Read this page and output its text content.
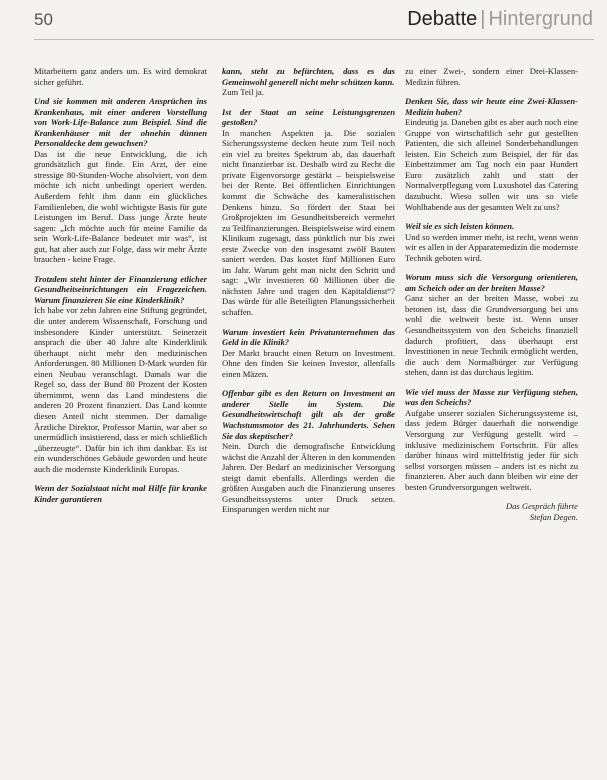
50	Debatte | Hintergrund

Mitarbeitern ganz anders um. Es wird demokrat sicher geführt.

Und sie kommen mit anderen Ansprüchen ins Krankenhaus, mit einer anderen Vorstellung von Work-Life-Balance zum Beispiel. Sind die Krankenhäuser mit der ohnehin dünnen Personaldecke dem gewachsen?

Das ist die neue Entwicklung, die ich grundsätzlich gut finde. Ein Arzt, der eine stressige 80-Stunden-Woche absolviert, von dem möchte ich nicht unbedingt operiert werden. Außerdem fehlt ihm dann ein glückliches Familienleben, die wohl wichtigste Basis für gute Leistungen im Beruf. Dass junge Ärzte heute sagen: „Ich möchte auch für meine Familie da sein Work-Life-Balance bedeutet mir was“, ist gut, hat aber auch zur Folge, dass wir mehr Ärzte brauchen - keine Frage.

Trotzdem steht hinter der Finanzierung etlicher Gesundheitseinrichtungen ein Fragezeichen. Warum finanzieren Sie eine Kinderklinik?

Ich habe vor zehn Jahren eine Stiftung gegründet, die unter anderem Wissenschaft, Forschung und insbesondere Kinder unterstützt. Seinerzeit ansprach die über 40 Jahre alte Kinderklinik überhaupt nicht mehr den medizinischen Anforderungen. 80 Millionen D-Mark wurden für einen Neubau veranschlagt. Damals war die Regel so, dass der Bund 80 Prozent der Kosten übernimmt, wenn das Land mindestens die anderen 20 Prozent finanziert. Das Land konnte diesen Anteil nicht stemmen. Der damalige Ärztliche Direktor, Professor Martin, war aber so unermüdlich insistierend, dass er mich schließlich „überzeugte“. Dafür bin ich ihm dankbar. Es ist ein wunderschönes Gebäude geworden und heute auch die modernste Kinderklinik Europas.

Wenn der Sozialstaat nicht mal Hilfe für kranke Kinder garantieren

kann, steht zu befürchten, dass es das Gemeinwohl generell nicht mehr schützen kann.

Zum Teil ja.

Ist der Staat an seine Leistungsgrenzen gestoßen?

In manchen Aspekten ja. Die sozialen Sicherungssysteme decken heute zum Teil noch ein viel zu breites Spektrum ab, das dauerhaft nicht finanzierbar ist. Deshalb wird zu Recht die private Eigenvorsorge gestärkt – beispielsweise bei der Rente. Bei öffentlichen Einrichtungen kommt die Schwäche des kameralistischen Denkens hinzu. So fördert der Staat bei Großprojekten im Gesundheitsbereich vermehrt zu Teilfinanzierungen. Beispielsweise wird einem Klinikum zugesagt, dass pünktlich nur bis zwei erste Zwecke von den insgesamt zwölf Bauten saniert werden. Das kostet fünf Millionen Euro im Jahr. Warum geht man nicht den Schritt und sagt: „Wir investieren 60 Millionen über die nächsten Jahre und tragen den Kapitaldienst“? Das würde für alle Beteiligten Planungssicherheit schaffen.

Warum investiert kein Privatunternehmen das Geld in die Klinik?

Der Markt braucht einen Return on Investment. Ohne den finden Sie keinen Investor, allenfalls einen Mäzen.

Offenbar gibt es den Return on Investment an anderer Stelle im System. Die Gesundheitswirtschaft gilt als der große Wachstumsmotor des 21. Jahrhunderts. Sehen Sie das skeptischer?

Nein. Durch die demografische Entwicklung wächst die Anzahl der Älteren in den kommenden Jahren. Der Bedarf an medizinischer Versorgung steigt damit ebenfalls. Allerdings werden die größten Ausgaben auch die Finanzierung unseres Gesundheitssystems unter Druck setzen. Einsparungen werden nicht nur

zu einer Zwei-, sondern einer Drei-Klassen-Medizin führen.

Denken Sie, dass wir heute eine Zwei-Klassen-Medizin haben?

Eindeutig ja. Daneben gibt es aber auch noch eine Gruppe von wirtschaftlich sehr gut gestellten Patienten, die sich alleinel Sonderbehandlungen leisten. Ein Scheich zum Beispiel, der für das Einbettzimmer am Tag noch ein paar Hundert Euro zusätzlich zahlt und statt der Normalverpflegung vom Luxushotel das Catering dazubucht. Wieso sollen wir uns so viele Wohlhabende aus der gesamten Welt zu uns?

Weil sie es sich leisten können.

Und so werden immer mehr, ist recht, wenn wenn wir es allen in der Apparatemedizin die modernste Technik geboten wird.

Worum muss sich die Versorgung orientieren, am Scheich oder an der breiten Masse?

Ganz sicher an der breiten Masse, wobei zu betonen ist, dass die Grundversorgung bei uns wohl die weltweit beste ist. Wenn unser Gesundheitssystem von den Scheichs finanziell dadurch profitiert, dass überhaupt erst Investitionen in neue Technik ermöglicht werden, die auch dem Normalbürger zur Verfügung stehen, dann ist das durchaus legitim.

Wie viel muss der Masse zur Verfügung stehen, was den Scheichs?

Aufgabe unserer sozialen Sicherungssysteme ist, dass jedem Bürger dauerhaft die notwendige Versorgung zur Verfügung gestellt wird – inklusive medizinischem Fortschritt. Für alles darüber hinaus wird mittelfristig jeder für sich selbst vorsorgen müssen – anders ist es nicht zu finanzieren. Aber auch dann bleiben wir eine der besten Grundversorgungen weltweit.

Das Gespräch führte

Stefan Degen.
